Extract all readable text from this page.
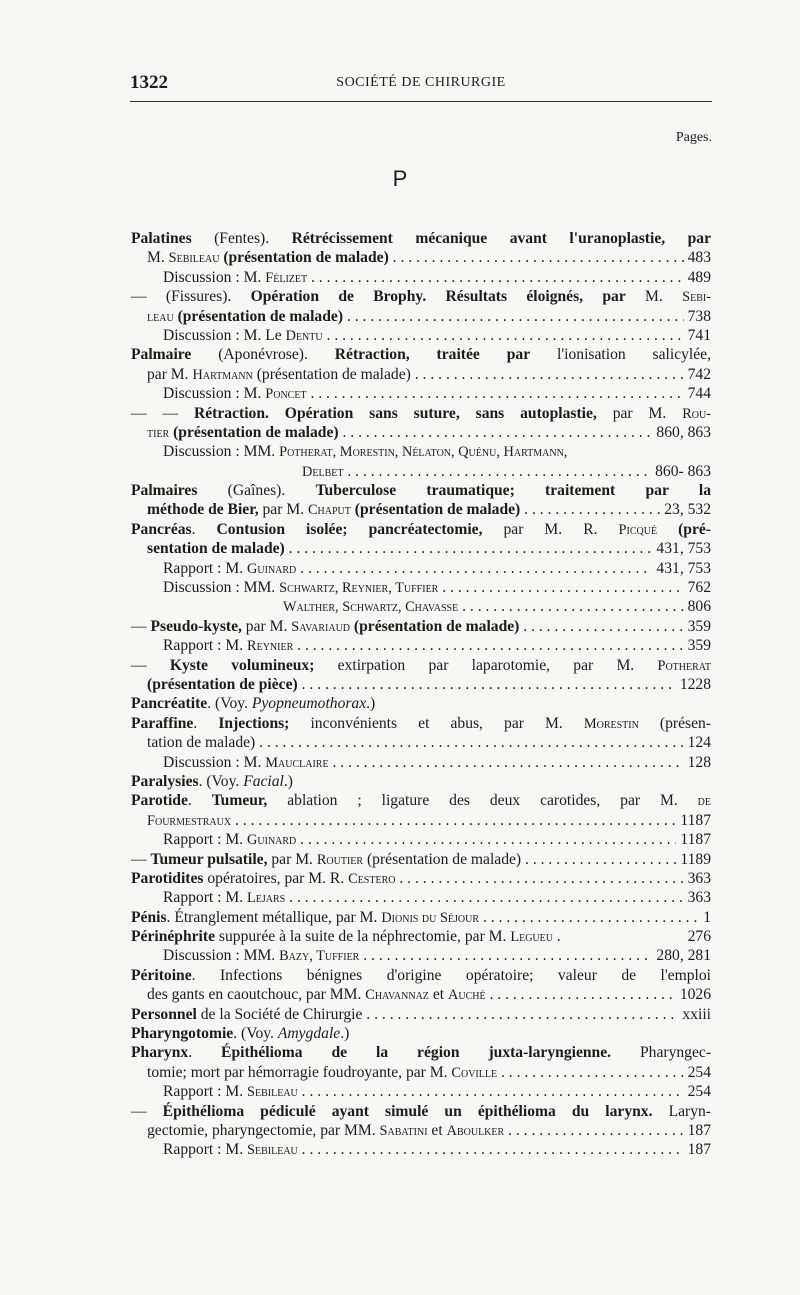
1322	SOCIÉTÉ DE CHIRURGIE
Pages.
P
Palatines (Fentes). Rétrécissement mécanique avant l'uranoplastie, par
M. Sebileau (présentation de malade) . . .	483
Discussion : M. Félizet . . .	489
— (Fissures). Opération de Brophy. Résultats éloignés, par M. Sebi-
leau (présentation de malade) . . .	738
Discussion : M. Le Dentu . . .	741
Palmaire (Aponévrose). Rétraction, traitée par l'ionisation salicylée,
par M. Hartmann (présentation de malade) . . .	742
Discussion : M. Poncet . . .	744
— — Rétraction. Opération sans suture, sans autoplastie, par M. Rou-
tier (présentation de malade) . . .	860, 863
Discussion : MM. Potherat, Morestin, Nélaton, Quénu, Hartmann,
Delbet . . .	860- 863
Palmaires (Gaînes). Tuberculose traumatique; traitement par la
méthode de Bier, par M. Chaput (présentation de malade) . . .	23, 532
Pancréas. Contusion isolée; pancréatectomie, par M. R. Picqué (pré-
sentation de malade) . . .	431, 753
Rapport : M. Guinard . . .	431, 753
Discussion : MM. Schwartz, Reynier, Tuffier . . .	762
Walther, Schwartz, Chavasse . . .	806
— Pseudo-kyste, par M. Savariaud (présentation de malade) . . .	359
Rapport : M. Reynier . . .	359
— Kyste volumineux; extirpation par laparotomie, par M. Potherat
(présentation de pièce) . . .	1228
Pancréatite. (Voy. Pyopneumothorax.)
Paraffine. Injections; inconvénients et abus, par M. Morestin (présen-
tation de malade) . . .	124
Discussion : M. Mauclaire . . .	128
Paralysies. (Voy. Facial.)
Parotide. Tumeur, ablation ; ligature des deux carotides, par M. de
Fourmestraux . . .	1187
Rapport : M. Guinard . . .	1187
— Tumeur pulsatile, par M. Routier (présentation de malade) . . .	1189
Parotidites opératoires, par M. R. Cestero . . .	363
Rapport : M. Lejars . . .	363
Pénis. Étranglement métallique, par M. Dionis du Séjour . . .	1
Périnéphrite suppurée à la suite de la néphrectomie, par M. Legueu .	276
Discussion : MM. Bazy, Tuffier . . .	280, 281
Péritoine. Infections bénignes d'origine opératoire; valeur de l'emploi
des gants en caoutchouc, par MM. Chavannaz et Auché . . .	1026
Personnel de la Société de Chirurgie . . .	xxiii
Pharyngotomie. (Voy. Amygdale.)
Pharynx. Épithélioma de la région juxta-laryngienne. Pharyngec-
tomie; mort par hémorragie foudroyante, par M. Coville . . .	254
Rapport : M. Sebileau . . .	254
— Épithélioma pédiculé ayant simulé un épithélioma du larynx. Laryn-
gectomie, pharyngectomie, par MM. Sabatini et Aboulker . . .	187
Rapport : M. Sebileau . . .	187
